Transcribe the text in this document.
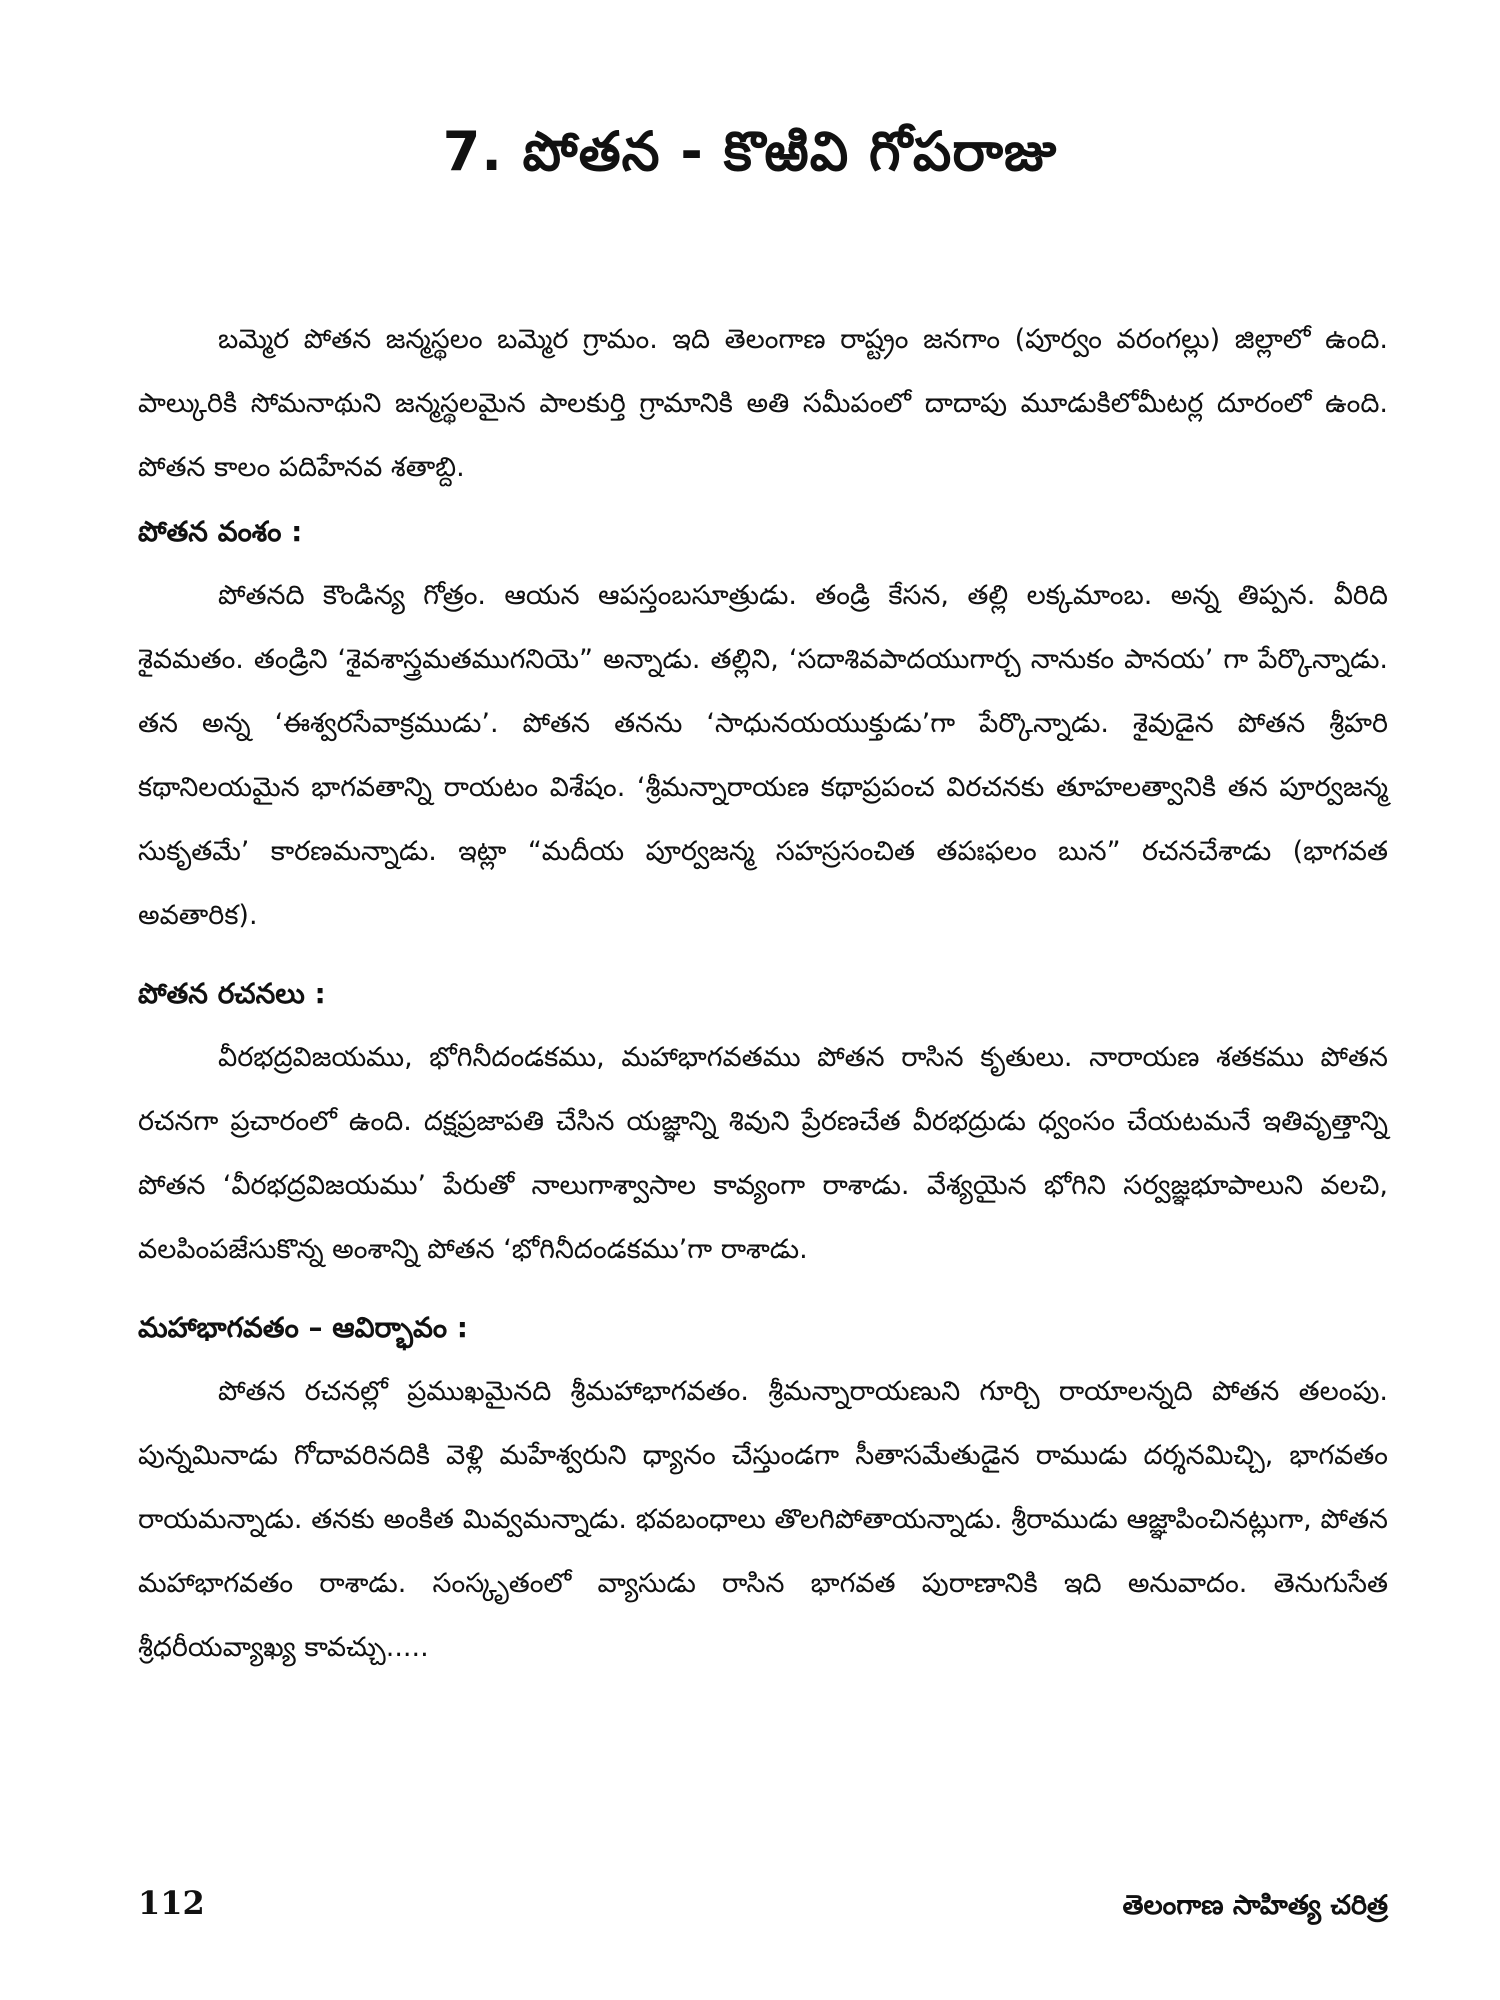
7. పోతన - కొఱివి గోపరాజు

బమ్మెర పోతన జన్మస్థలం బమ్మెర గ్రామం. ఇది తెలంగాణ రాష్ట్రం జనగాం (పూర్వం వరంగల్లు) జిల్లాలో ఉంది. పాల్కురికి సోమనాథుని జన్మస్థలమైన పాలకుర్తి గ్రామానికి అతి సమీపంలో దాదాపు మూడుకిలోమీటర్ల దూరంలో ఉంది. పోతన కాలం పదిహేనవ శతాబ్ది.

పోతన వంశం :

పోతనది కౌండిన్య గోత్రం. ఆయన ఆపస్తంబసూత్రుడు. తండ్రి కేసన, తల్లి లక్కమాంబ. అన్న తిప్పన. వీరిది శైవమతం. తండ్రిని ‘శైవశాస్త్రమతముగనియె” అన్నాడు. తల్లిని, ‘సదాశివపాదయుగార్చ నానుకం పానయ’ గా పేర్కొన్నాడు. తన అన్న ‘ఈశ్వరసేవాక్రముడు’. పోతన తనను ‘సాధునయయుక్తుడు’గా పేర్కొన్నాడు. శైవుడైన పోతన శ్రీహరి కథానిలయమైన భాగవతాన్ని రాయటం విశేషం. ‘శ్రీమన్నారాయణ కథాప్రపంచ విరచనకు తూహలత్వానికి తన పూర్వజన్మ సుకృతమే’ కారణమన్నాడు. ఇట్లా “మదీయ పూర్వజన్మ సహస్రసంచిత తపఃఫలం బున” రచనచేశాడు (భాగవత అవతారిక).

పోతన రచనలు :

వీరభద్రవిజయము, భోగినీదండకము, మహాభాగవతము పోతన రాసిన కృతులు. నారాయణ శతకము పోతన రచనగా ప్రచారంలో ఉంది. దక్షప్రజాపతి చేసిన యజ్ఞాన్ని శివుని ప్రేరణచేత వీరభద్రుడు ధ్వంసం చేయటమనే ఇతివృత్తాన్ని పోతన ‘వీరభద్రవిజయము’ పేరుతో నాలుగాశ్వాసాల కావ్యంగా రాశాడు. వేశ్యయైన భోగిని సర్వజ్ఞభూపాలుని వలచి, వలపింపజేసుకొన్న అంశాన్ని పోతన ‘భోగినీదండకము’గా రాశాడు.

మహాభాగవతం – ఆవిర్భావం :

పోతన రచనల్లో ప్రముఖమైనది శ్రీమహాభాగవతం. శ్రీమన్నారాయణుని గూర్చి రాయాలన్నది పోతన తలంపు. పున్నమినాడు గోదావరినదికి వెళ్లి మహేశ్వరుని ధ్యానం చేస్తుండగా సీతాసమేతుడైన రాముడు దర్శనమిచ్చి, భాగవతం రాయమన్నాడు. తనకు అంకిత మివ్వమన్నాడు. భవబంధాలు తొలగిపోతాయన్నాడు. శ్రీరాముడు ఆజ్ఞాపించినట్లుగా, పోతన మహాభాగవతం రాశాడు. సంస్కృతంలో వ్యాసుడు రాసిన భాగవత పురాణానికి ఇది అనువాదం. తెనుగుసేత శ్రీధరీయవ్యాఖ్య కావచ్చు.....

112	తెలంగాణ సాహిత్య చరిత్ర
